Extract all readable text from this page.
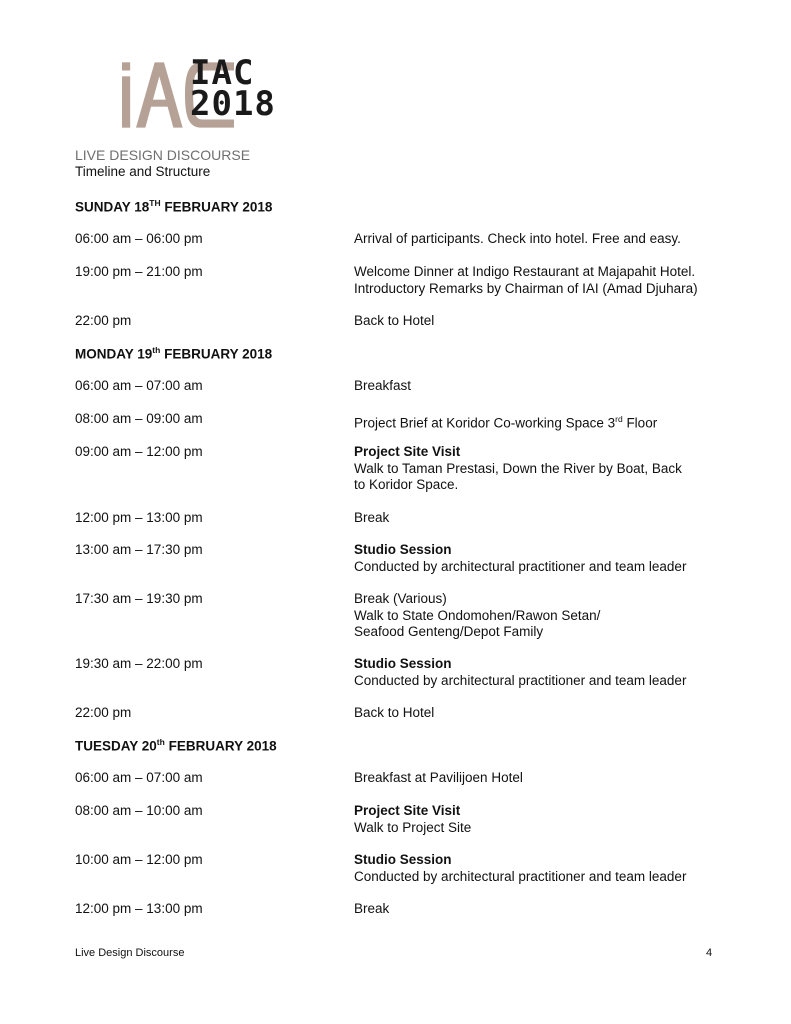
IAC
2018
LIVE DESIGN DISCOURSE
Timeline and Structure
SUNDAY 18TH FEBRUARY 2018
06:00 am – 06:00 pm	Arrival of participants. Check into hotel. Free and easy.
19:00 pm – 21:00 pm	Welcome Dinner at Indigo Restaurant at Majapahit Hotel.
Introductory Remarks by Chairman of IAI (Amad Djuhara)
22:00 pm	Back to Hotel
MONDAY 19th FEBRUARY 2018
06:00 am – 07:00 am	Breakfast
08:00 am – 09:00 am	Project Brief at Koridor Co-working Space 3rd Floor
09:00 am – 12:00 pm	Project Site Visit
Walk to Taman Prestasi, Down the River by Boat, Back
to Koridor Space.
12:00 pm – 13:00 pm	Break
13:00 am – 17:30 pm	Studio Session
Conducted by architectural practitioner and team leader
17:30 am – 19:30 pm	Break (Various)
Walk to State Ondomohen/Rawon Setan/
Seafood Genteng/Depot Family
19:30 am – 22:00 pm	Studio Session
Conducted by architectural practitioner and team leader
22:00 pm	Back to Hotel
TUESDAY 20th FEBRUARY 2018
06:00 am – 07:00 am	Breakfast at Pavilijoen Hotel
08:00 am – 10:00 am	Project Site Visit
Walk to Project Site
10:00 am – 12:00 pm	Studio Session
Conducted by architectural practitioner and team leader
12:00 pm – 13:00 pm	Break
Live Design Discourse	4
